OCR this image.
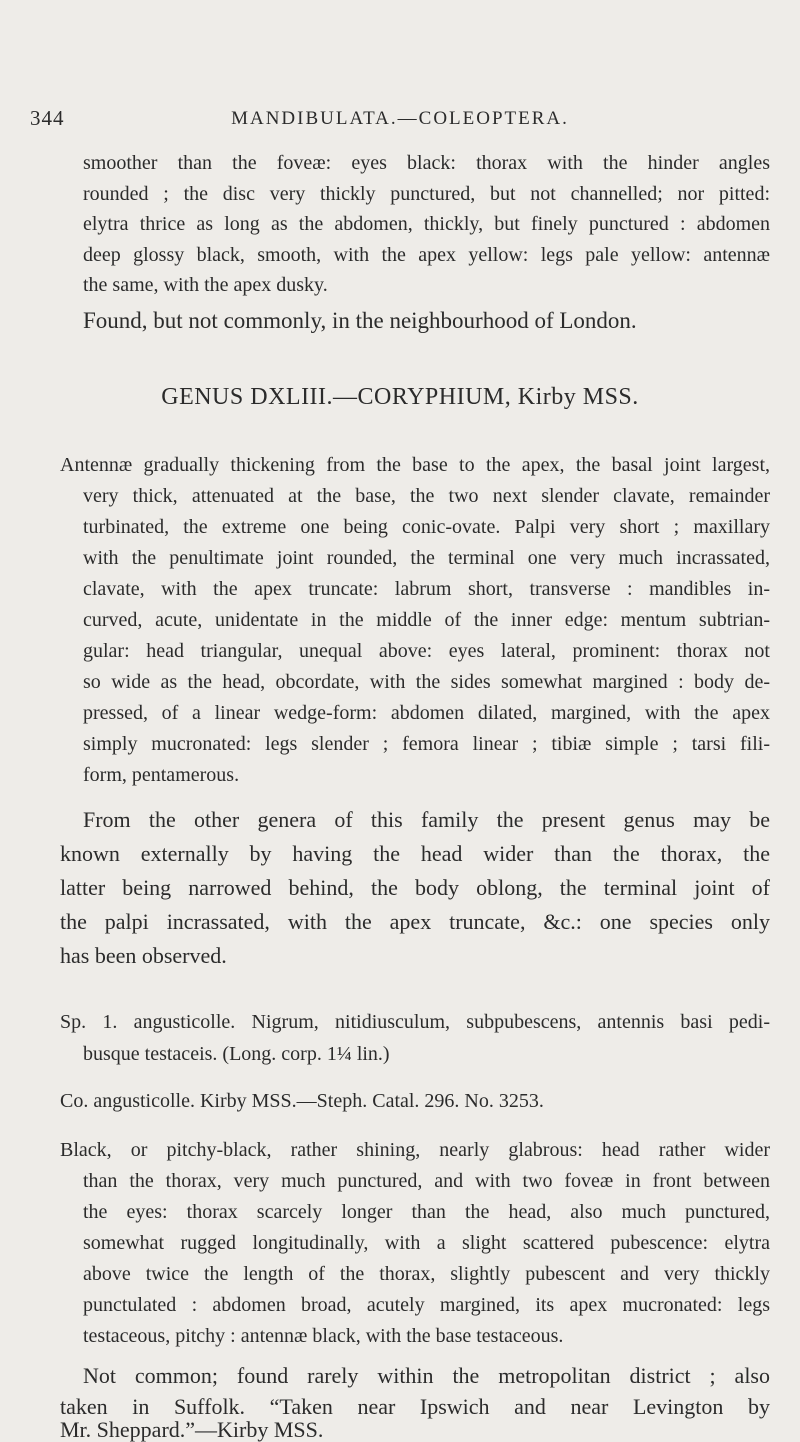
344	MANDIBULATA.—COLEOPTERA.
smoother than the foveæ: eyes black: thorax with the hinder angles
rounded ; the disc very thickly punctured, but not channelled; nor pitted:
elytra thrice as long as the abdomen, thickly, but finely punctured : abdomen
deep glossy black, smooth, with the apex yellow: legs pale yellow: antennæ
the same, with the apex dusky.
Found, but not commonly, in the neighbourhood of London.
GENUS DXLIII.—CORYPHIUM, Kirby MSS.
Antennæ gradually thickening from the base to the apex, the basal joint largest,
very thick, attenuated at the base, the two next slender clavate, remainder
turbinated, the extreme one being conic-ovate. Palpi very short ; maxillary
with the penultimate joint rounded, the terminal one very much incrassated,
clavate, with the apex truncate: labrum short, transverse : mandibles in-
curved, acute, unidentate in the middle of the inner edge: mentum subtrian-
gular: head triangular, unequal above: eyes lateral, prominent: thorax not
so wide as the head, obcordate, with the sides somewhat margined : body de-
pressed, of a linear wedge-form: abdomen dilated, margined, with the apex
simply mucronated: legs slender ; femora linear ; tibiæ simple ; tarsi fili-
form, pentamerous.
From the other genera of this family the present genus may be
known externally by having the head wider than the thorax, the
latter being narrowed behind, the body oblong, the terminal joint of
the palpi incrassated, with the apex truncate, &c.: one species only
has been observed.
Sp. 1. angusticolle. Nigrum, nitidiusculum, subpubescens, antennis basi pedi-
busque testaceis. (Long. corp. 1¼ lin.)
Co. angusticolle. Kirby MSS.—Steph. Catal. 296. No. 3253.
Black, or pitchy-black, rather shining, nearly glabrous: head rather wider
than the thorax, very much punctured, and with two foveæ in front between
the eyes: thorax scarcely longer than the head, also much punctured,
somewhat rugged longitudinally, with a slight scattered pubescence: elytra
above twice the length of the thorax, slightly pubescent and very thickly
punctulated : abdomen broad, acutely margined, its apex mucronated: legs
testaceous, pitchy : antennæ black, with the base testaceous.
Not common; found rarely within the metropolitan district ; also
taken in Suffolk. “Taken near Ipswich and near Levington by
Mr. Sheppard.”—Kirby MSS.
